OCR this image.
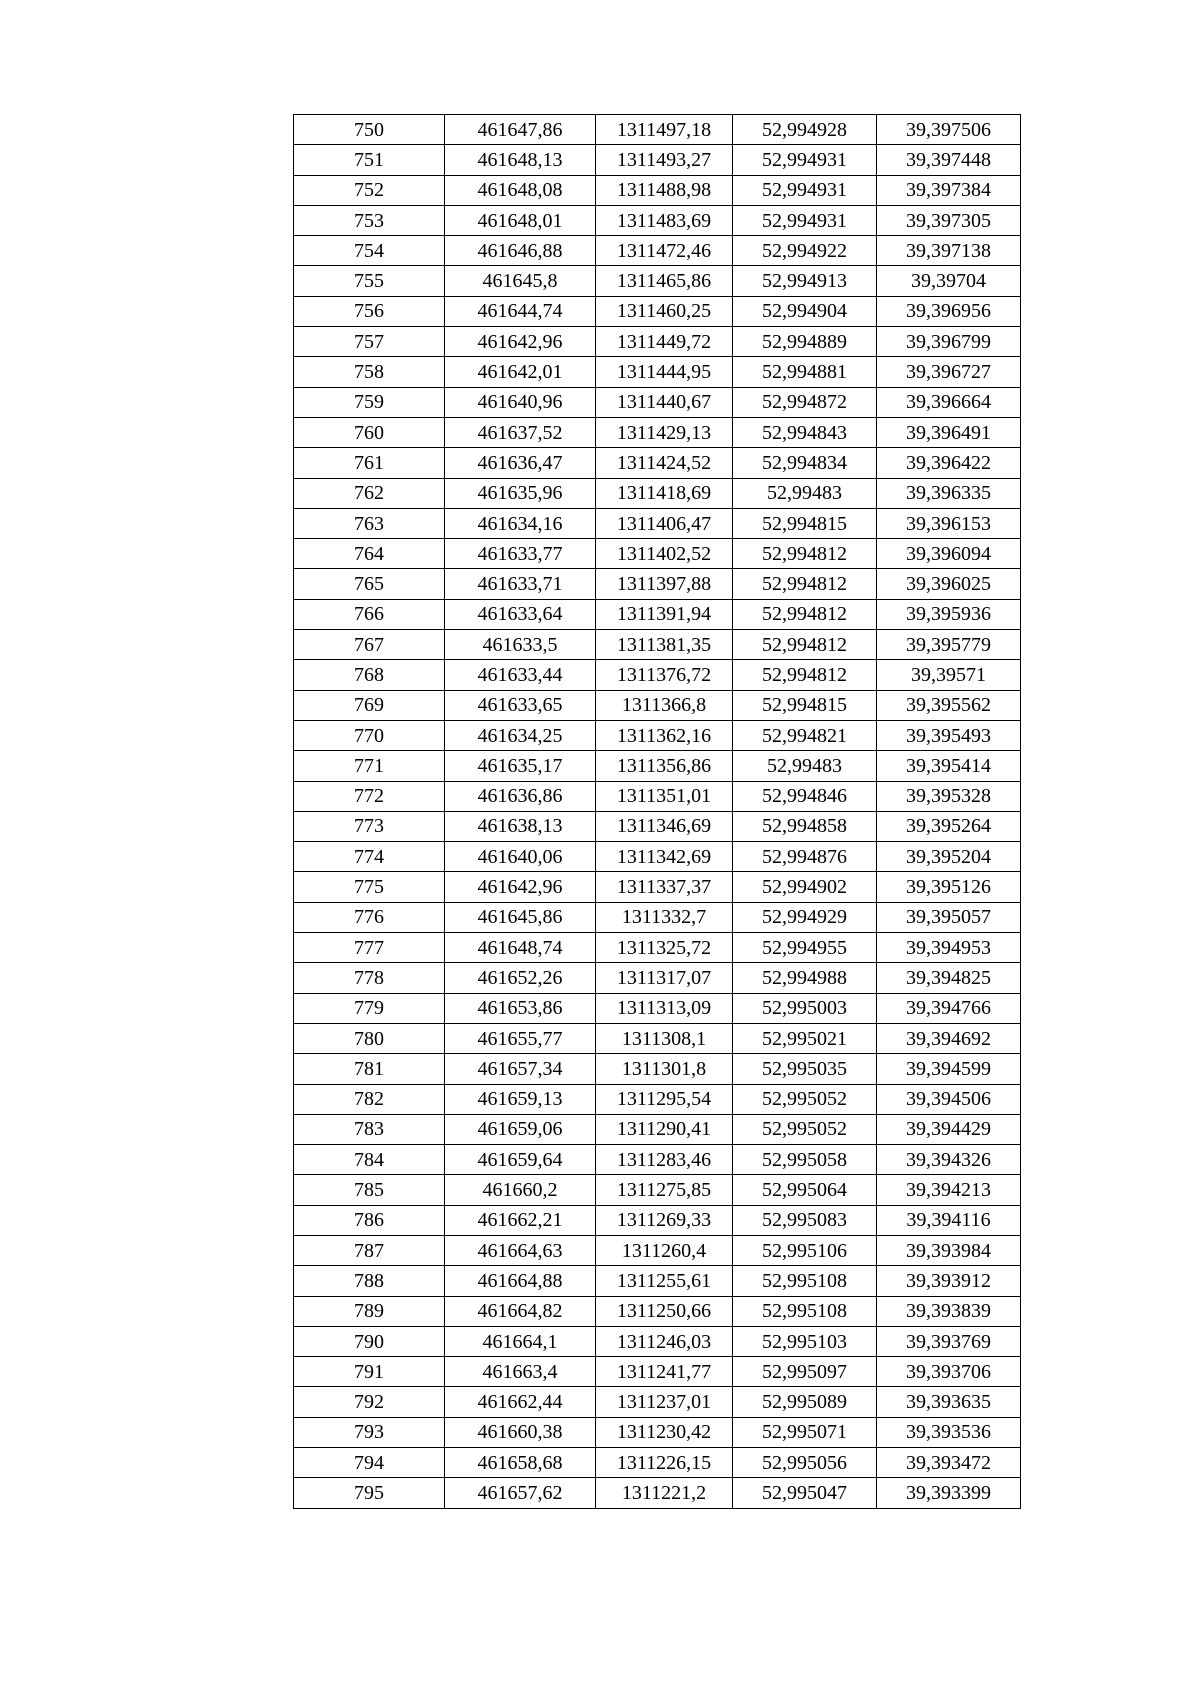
750	461647,86	1311497,18	52,994928	39,397506
751	461648,13	1311493,27	52,994931	39,397448
752	461648,08	1311488,98	52,994931	39,397384
753	461648,01	1311483,69	52,994931	39,397305
754	461646,88	1311472,46	52,994922	39,397138
755	461645,8	1311465,86	52,994913	39,39704
756	461644,74	1311460,25	52,994904	39,396956
757	461642,96	1311449,72	52,994889	39,396799
758	461642,01	1311444,95	52,994881	39,396727
759	461640,96	1311440,67	52,994872	39,396664
760	461637,52	1311429,13	52,994843	39,396491
761	461636,47	1311424,52	52,994834	39,396422
762	461635,96	1311418,69	52,99483	39,396335
763	461634,16	1311406,47	52,994815	39,396153
764	461633,77	1311402,52	52,994812	39,396094
765	461633,71	1311397,88	52,994812	39,396025
766	461633,64	1311391,94	52,994812	39,395936
767	461633,5	1311381,35	52,994812	39,395779
768	461633,44	1311376,72	52,994812	39,39571
769	461633,65	1311366,8	52,994815	39,395562
770	461634,25	1311362,16	52,994821	39,395493
771	461635,17	1311356,86	52,99483	39,395414
772	461636,86	1311351,01	52,994846	39,395328
773	461638,13	1311346,69	52,994858	39,395264
774	461640,06	1311342,69	52,994876	39,395204
775	461642,96	1311337,37	52,994902	39,395126
776	461645,86	1311332,7	52,994929	39,395057
777	461648,74	1311325,72	52,994955	39,394953
778	461652,26	1311317,07	52,994988	39,394825
779	461653,86	1311313,09	52,995003	39,394766
780	461655,77	1311308,1	52,995021	39,394692
781	461657,34	1311301,8	52,995035	39,394599
782	461659,13	1311295,54	52,995052	39,394506
783	461659,06	1311290,41	52,995052	39,394429
784	461659,64	1311283,46	52,995058	39,394326
785	461660,2	1311275,85	52,995064	39,394213
786	461662,21	1311269,33	52,995083	39,394116
787	461664,63	1311260,4	52,995106	39,393984
788	461664,88	1311255,61	52,995108	39,393912
789	461664,82	1311250,66	52,995108	39,393839
790	461664,1	1311246,03	52,995103	39,393769
791	461663,4	1311241,77	52,995097	39,393706
792	461662,44	1311237,01	52,995089	39,393635
793	461660,38	1311230,42	52,995071	39,393536
794	461658,68	1311226,15	52,995056	39,393472
795	461657,62	1311221,2	52,995047	39,393399
